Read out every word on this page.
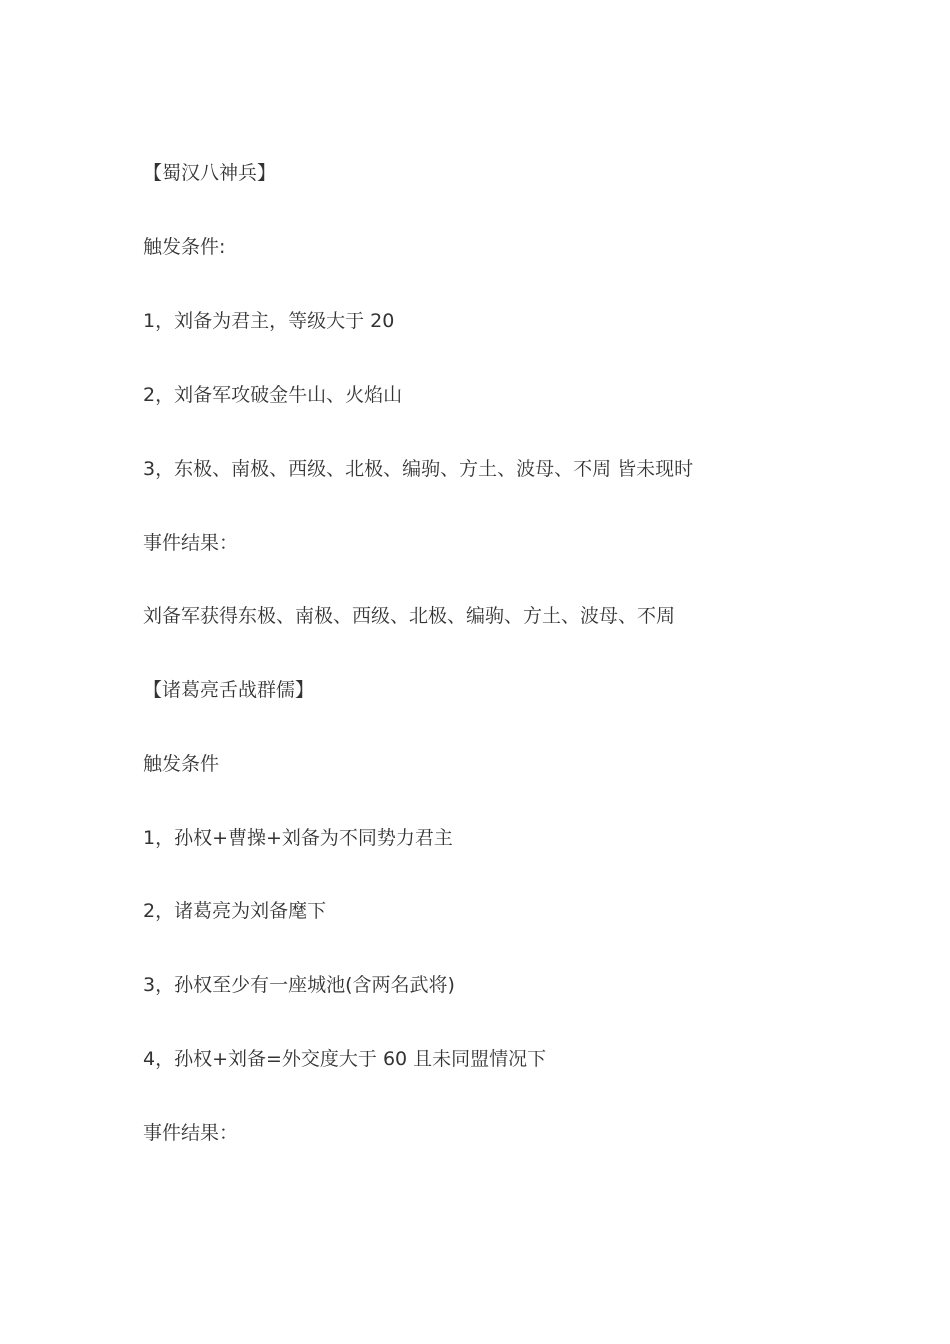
【蜀汉八神兵】
触发条件:
1，刘备为君主，等级大于 20
2，刘备军攻破金牛山、火焰山
3，东极、南极、西级、北极、编驹、方土、波母、不周 皆未现时
事件结果：
刘备军获得东极、南极、西级、北极、编驹、方土、波母、不周
【诸葛亮舌战群儒】
触发条件
1，孙权+曹操+刘备为不同势力君主
2，诸葛亮为刘备麾下
3，孙权至少有一座城池(含两名武将)
4，孙权+刘备=外交度大于 60 且未同盟情况下
事件结果：
